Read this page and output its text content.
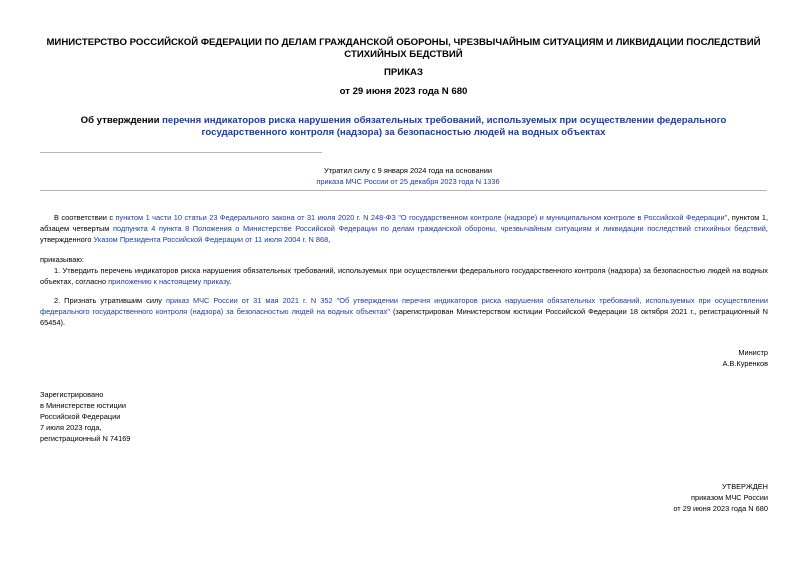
МИНИСТЕРСТВО РОССИЙСКОЙ ФЕДЕРАЦИИ ПО ДЕЛАМ ГРАЖДАНСКОЙ ОБОРОНЫ, ЧРЕЗВЫЧАЙНЫМ СИТУАЦИЯМ И ЛИКВИДАЦИИ ПОСЛЕДСТВИЙ СТИХИЙНЫХ БЕДСТВИЙ
ПРИКАЗ
от 29 июня 2023 года N 680
Об утверждении перечня индикаторов риска нарушения обязательных требований, используемых при осуществлении федерального государственного контроля (надзора) за безопасностью людей на водных объектах
Утратил силу с 9 января 2024 года на основании
приказа МЧС России от 25 декабря 2023 года N 1336
В соответствии с пунктом 1 части 10 статьи 23 Федерального закона от 31 июля 2020 г. N 248-ФЗ "О государственном контроле (надзоре) и муниципальном контроле в Российской Федерации", пунктом 1, абзацем четвертым подпункта 4 пункта 8 Положения о Министерстве Российской Федерации по делам гражданской обороны, чрезвычайным ситуациям и ликвидации последствий стихийных бедствий, утвержденного Указом Президента Российской Федерации от 11 июля 2004 г. N 868,
приказываю:
1. Утвердить перечень индикаторов риска нарушения обязательных требований, используемых при осуществлении федерального государственного контроля (надзора) за безопасностью людей на водных объектах, согласно приложению к настоящему приказу.
2. Признать утратившим силу приказ МЧС России от 31 мая 2021 г. N 352 "Об утверждении перечня индикаторов риска нарушения обязательных требований, используемых при осуществлении федерального государственного контроля (надзора) за безопасностью людей на водных объектах" (зарегистрирован Министерством юстиции Российской Федерации 18 октября 2021 г., регистрационный N 65454).
Министр
А.В.Куренков
Зарегистрировано
в Министерстве юстиции
Российской Федерации
7 июля 2023 года,
регистрационный N 74169
УТВЕРЖДЕН
приказом МЧС России
от 29 июня 2023 года N 680
